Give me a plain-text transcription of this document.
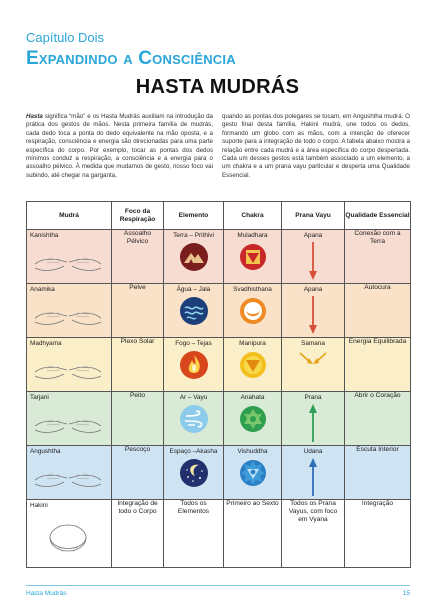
Capítulo Dois
Expandindo a Consciência
HASTA MUDRÁS
Hasta significa “mão” e os Hasta Mudrás auxiliam na introdução da prática dos gestos de mãos. Nesta primeira família de mudrás, cada dedo toca a ponta do dedo equivalente na mão oposta, e a respiração, consciência e energia são direcionadas para uma parte específica do corpo. Por exemplo, tocar as pontas dos dedos mínimos conduz a respiração, a consciência e a energia para o assoalho pélvico. À medida que mudamos de gesto, nosso foco vai subindo, até chegar na garganta,
quando as pontas dos polegares se tocam, em Angushtha mudrá. O gesto final desta família, Hakini mudrá, une todos os dedos, formando um globo com as mãos, com a intenção de oferecer suporte para a integração de todo o corpo. A tabela abaixo mostra a relação entre cada mudrá e a área específica do corpo despertada. Cada um desses gestos está também associado a um elemento, a um chakra e a um prana vayu particular e desperta uma Qualidade Essencial.
Mudrá	Foco da Respiração	Elemento	Chakra	Prana Vayu	Qualidade Essencial

Kanishtha	Assoalho Pélvico	Terra – Prithivi	Muladhara	Apana	Conexão com a Terra

Anamika	Pelve	Água – Jala	Svadhisthana	Apana	Autocura

Madhyama	Plexo Solar	Fogo – Tejas	Manipura	Samana	Energia Equilibrada

Tarjani	Peito	Ar – Vayu	Anahata	Prana	Abrir o Coração

Angushtha	Pescoço	Espaço –Akasha	Vishuddha	Udana	Escuta Interior

Hakini	Integração de todo o Corpo	Todos os Elementos	Primeiro ao Sexto	Todos os Prana Vayus, com foco em Vyana	Integração
Hasta Mudrás	15
